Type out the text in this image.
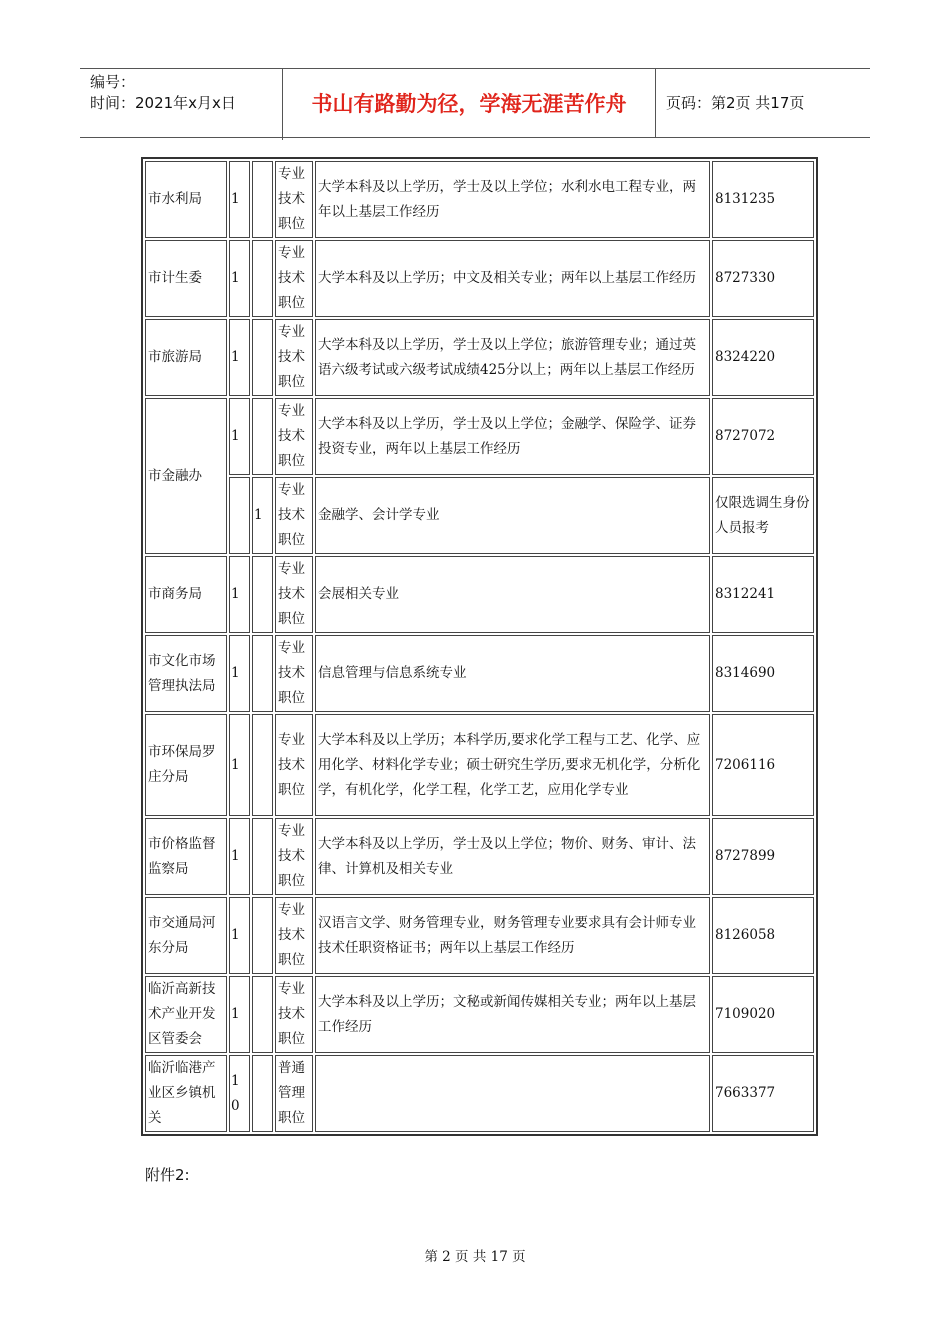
编号：
时间：2021年x月x日	书山有路勤为径，学海无涯苦作舟	页码：第2页 共17页
市水利局	1		专业技术职位	大学本科及以上学历，学士及以上学位；水利水电工程专业，两年以上基层工作经历	8131235
市计生委	1		专业技术职位	大学本科及以上学历；中文及相关专业；两年以上基层工作经历	8727330
市旅游局	1		专业技术职位	大学本科及以上学历，学士及以上学位；旅游管理专业；通过英语六级考试或六级考试成绩425分以上；两年以上基层工作经历	8324220
市金融办	1		专业技术职位	大学本科及以上学历，学士及以上学位；金融学、保险学、证券投资专业，两年以上基层工作经历	8727072
		1	专业技术职位	金融学、会计学专业	仅限选调生身份人员报考
市商务局	1		专业技术职位	会展相关专业	8312241
市文化市场管理执法局	1		专业技术职位	信息管理与信息系统专业	8314690
市环保局罗庄分局	1		专业技术职位	大学本科及以上学历；本科学历,要求化学工程与工艺、化学、应用化学、材料化学专业；硕士研究生学历,要求无机化学，分析化学，有机化学，化学工程，化学工艺，应用化学专业	7206116
市价格监督监察局	1		专业技术职位	大学本科及以上学历，学士及以上学位；物价、财务、审计、法律、计算机及相关专业	8727899
市交通局河东分局	1		专业技术职位	汉语言文学、财务管理专业，财务管理专业要求具有会计师专业技术任职资格证书；两年以上基层工作经历	8126058
临沂高新技术产业开发区管委会	1		专业技术职位	大学本科及以上学历；文秘或新闻传媒相关专业；两年以上基层工作经历	7109020
临沂临港产业区乡镇机关	10		普通管理职位		7663377
附件2:
第 2 页 共 17 页
